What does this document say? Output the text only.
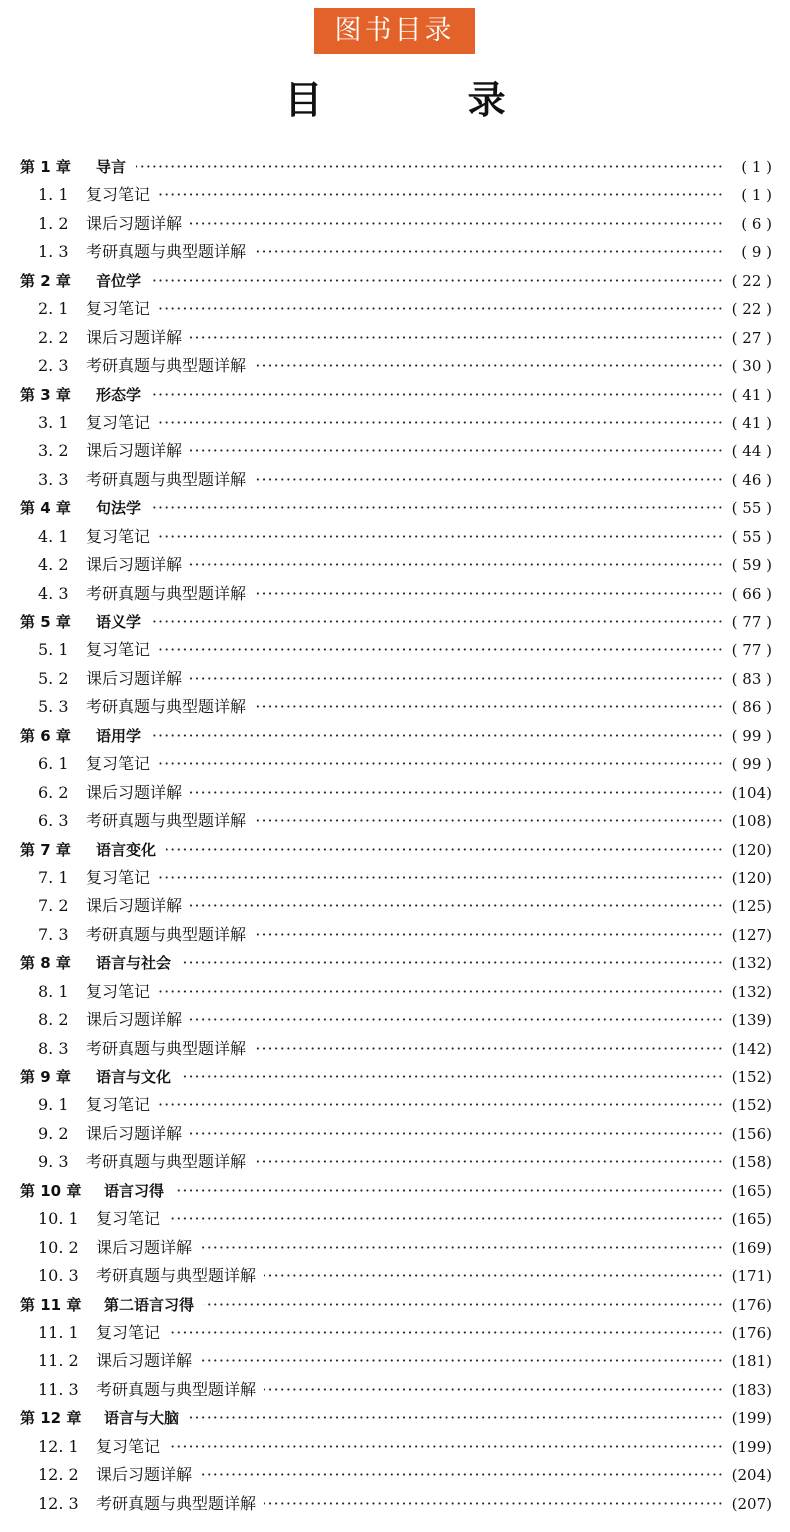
图书目录
目 录
第 1 章 导言 ·····	( 1 )
1. 1 复习笔记 ·····	( 1 )
1. 2 课后习题详解 ·····	( 6 )
1. 3 考研真题与典型题详解 ·····	( 9 )
第 2 章 音位学 ·····	( 22 )
2. 1 复习笔记 ·····	( 22 )
2. 2 课后习题详解 ·····	( 27 )
2. 3 考研真题与典型题详解 ·····	( 30 )
第 3 章 形态学 ·····	( 41 )
3. 1 复习笔记 ·····	( 41 )
3. 2 课后习题详解 ·····	( 44 )
3. 3 考研真题与典型题详解 ·····	( 46 )
第 4 章 句法学 ·····	( 55 )
4. 1 复习笔记 ·····	( 55 )
4. 2 课后习题详解 ·····	( 59 )
4. 3 考研真题与典型题详解 ·····	( 66 )
第 5 章 语义学 ·····	( 77 )
5. 1 复习笔记 ·····	( 77 )
5. 2 课后习题详解 ·····	( 83 )
5. 3 考研真题与典型题详解 ·····	( 86 )
第 6 章 语用学 ·····	( 99 )
6. 1 复习笔记 ·····	( 99 )
6. 2 课后习题详解 ·····	(104)
6. 3 考研真题与典型题详解 ·····	(108)
第 7 章 语言变化 ·····	(120)
7. 1 复习笔记 ·····	(120)
7. 2 课后习题详解 ·····	(125)
7. 3 考研真题与典型题详解 ·····	(127)
第 8 章 语言与社会 ·····	(132)
8. 1 复习笔记 ·····	(132)
8. 2 课后习题详解 ·····	(139)
8. 3 考研真题与典型题详解 ·····	(142)
第 9 章 语言与文化 ·····	(152)
9. 1 复习笔记 ·····	(152)
9. 2 课后习题详解 ·····	(156)
9. 3 考研真题与典型题详解 ·····	(158)
第 10 章 语言习得 ·····	(165)
10. 1 复习笔记 ·····	(165)
10. 2 课后习题详解 ·····	(169)
10. 3 考研真题与典型题详解 ·····	(171)
第 11 章 第二语言习得 ·····	(176)
11. 1 复习笔记 ·····	(176)
11. 2 课后习题详解 ·····	(181)
11. 3 考研真题与典型题详解 ·····	(183)
第 12 章 语言与大脑 ·····	(199)
12. 1 复习笔记 ·····	(199)
12. 2 课后习题详解 ·····	(204)
12. 3 考研真题与典型题详解 ·····	(207)
